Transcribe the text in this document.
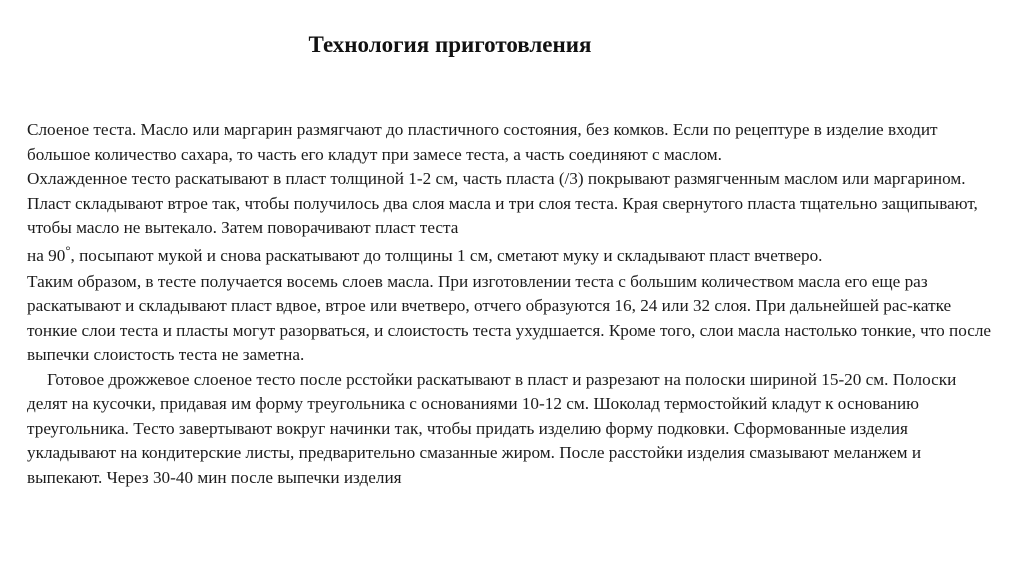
Технология приготовления

Слоеное теста. Масло или маргарин размягчают до пластичного состояния, без комков. Если по рецептуре в изделие входит большое количество сахара, то часть его кладут при замесе теста, а часть соединяют с маслом.

Охлажденное тесто раскатывают в пласт толщиной 1-2 см, часть пласта (/3) покрывают размягченным маслом или маргарином. Пласт складывают втрое так, чтобы получилось два слоя масла и три слоя теста. Края свернутого пласта тщательно защипывают, чтобы масло не вытекало. Затем поворачивают пласт теста

на 90°, посыпают мукой и снова раскатывают до толщины 1 см, сметают муку и складывают пласт вчетверо.

Таким образом, в тесте получается восемь слоев масла. При изготовлении теста с большим количеством масла его еще раз раскатывают и складывают пласт вдвое, втрое или вчетверо, отчего образуются 16, 24 или 32 слоя. При дальнейшей рас-катке тонкие слои теста и пласты могут разорваться, и слоистость теста ухудшается. Кроме того, слои масла настолько тонкие, что после выпечки слоистость теста не заметна.

Готовое дрожжевое слоеное тесто после рсстойки раскатывают в пласт и разрезают на полоски шириной 15-20 см. Полоски делят на кусочки, придавая им форму треугольника с основаниями 10-12 см. Шоколад термостойкий кладут к основанию треугольника. Тесто завертывают вокруг начинки так, чтобы придать изделию форму подковки. Сформованные изделия укладывают на кондитерские листы, предварительно смазанные жиром. После расстойки изделия смазывают меланжем и выпекают. Через 30-40 мин после выпечки изделия
